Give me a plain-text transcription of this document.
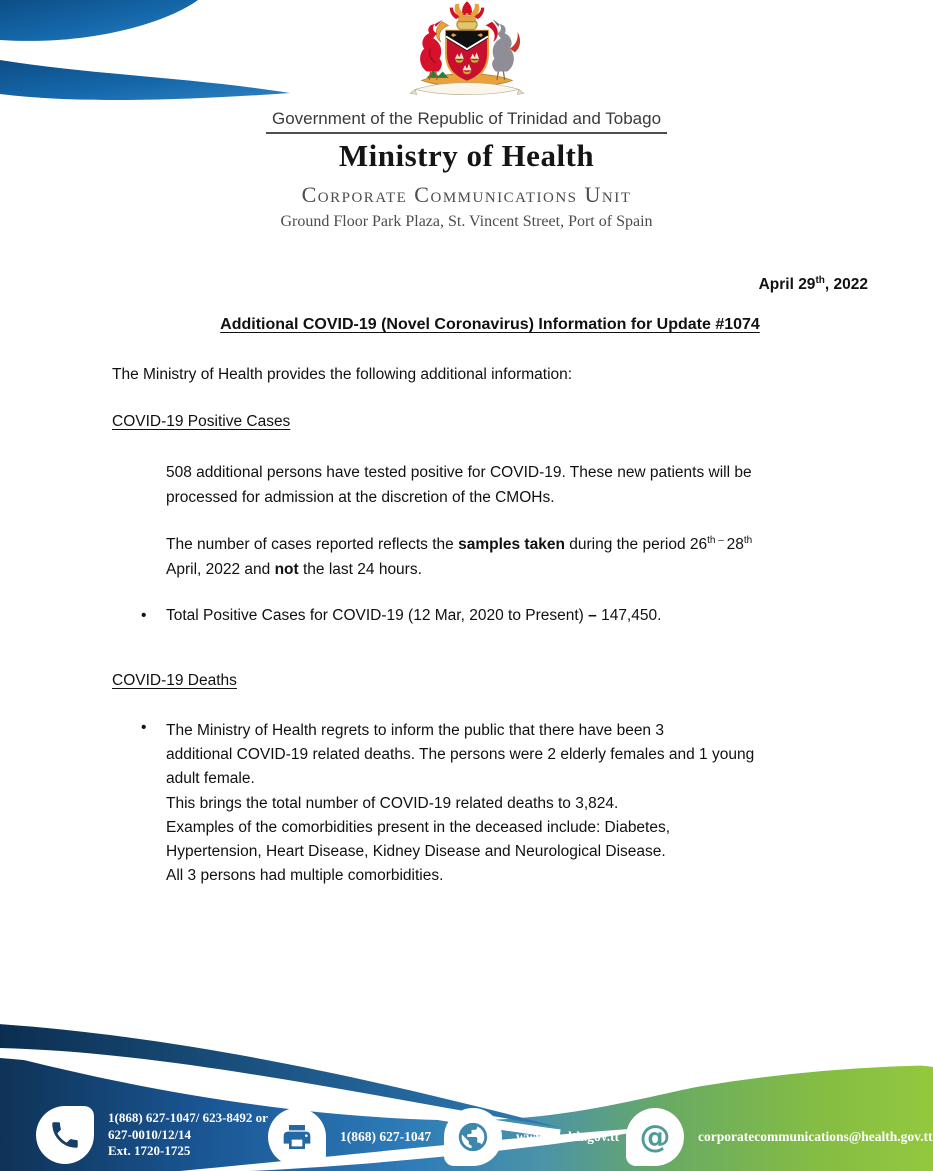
Government of the Republic of Trinidad and Tobago
Ministry of Health
Corporate Communications Unit
Ground Floor Park Plaza, St. Vincent Street, Port of Spain
April 29th, 2022
Additional COVID-19 (Novel Coronavirus) Information for Update #1074
The Ministry of Health provides the following additional information:
COVID-19 Positive Cases
508 additional persons have tested positive for COVID-19. These new patients will be
processed for admission at the discretion of the CMOHs.
The number of cases reported reflects the samples taken during the period $26^{th -}$ 28th
April, 2022 and not the last 24 hours.
•	Total Positive Cases for COVID-19 (12 Mar, 2020 to Present) – 147,450.
COVID-19 Deaths
•	The Ministry of Health regrets to inform the public that there have been 3
additional COVID-19 related deaths. The persons were 2 elderly females and 1 young
adult female.
This brings the total number of COVID-19 related deaths to 3,824.
Examples of the comorbidities present in the deceased include: Diabetes,
Hypertension, Heart Disease, Kidney Disease and Neurological Disease.
All 3 persons had multiple comorbidities.
1(868) 627-1047/ 623-8492 or
627-0010/12/14
Ext. 1720-1725
1(868) 627-1047	www.health.gov.tt @ corporatecommunications@health.gov.tt
